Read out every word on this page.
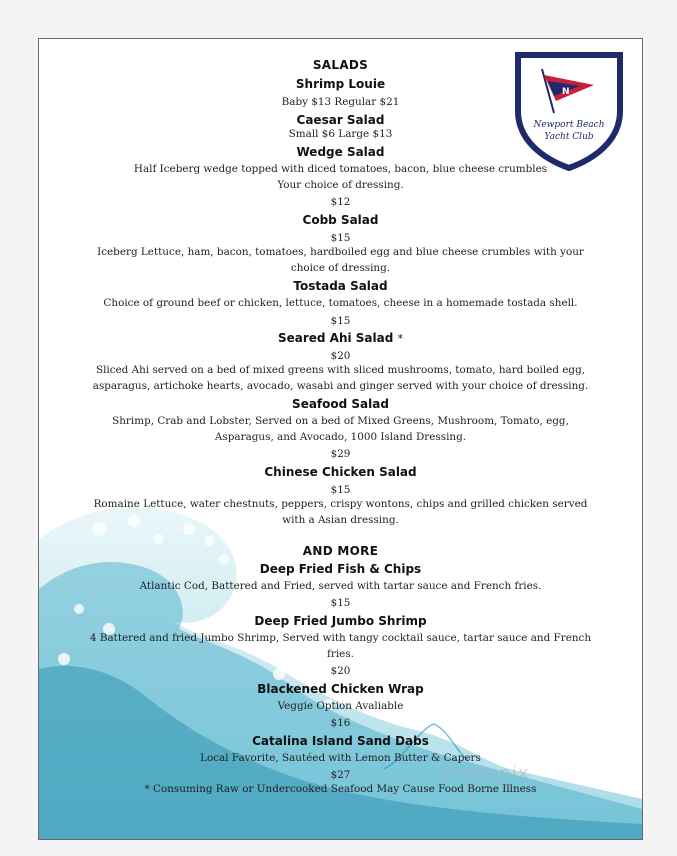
N
Newport Beach
Yacht Club
SALADS
Shrimp Louie
Baby $13 Regular $21
Caesar Salad
Small $6 Large $13
Wedge Salad
Half Iceberg wedge topped with diced tomatoes, bacon, blue cheese crumbles
Your choice of dressing.
$12
Cobb Salad
$15
Iceberg Lettuce, ham, bacon, tomatoes, hardboiled egg and blue cheese crumbles with your
choice of dressing.
Tostada Salad
Choice of ground beef or chicken, lettuce, tomatoes, cheese in a homemade tostada shell.
$15
Seared Ahi Salad *
$20
Sliced Ahi served on a bed of mixed greens with sliced mushrooms, tomato, hard boiled egg,
asparagus, artichoke hearts, avocado, wasabi and ginger served with your choice of dressing.
Seafood Salad
Shrimp, Crab and Lobster, Served on a bed of Mixed Greens, Mushroom, Tomato, egg,
Asparagus, and Avocado, 1000 Island Dressing.
$29
Chinese Chicken Salad
$15
Romaine Lettuce, water chestnuts, peppers, crispy wontons, chips and grilled chicken served
with a Asian dressing.
AND MORE
Deep Fried Fish & Chips
Atlantic Cod, Battered and Fried, served with tartar sauce and French fries.
$15
Deep Fried Jumbo Shrimp
4 Battered and fried Jumbo Shrimp, Served with tangy cocktail sauce, tartar sauce and French
fries.
$20
Blackened Chicken Wrap
Veggie Option Avaliable
$16
Catalina Island Sand Dabs
Local Favorite, Sautéed with Lemon Butter & Capers
$27
* Consuming Raw or Undercooked Seafood May Cause Food Borne Illness
menupix
